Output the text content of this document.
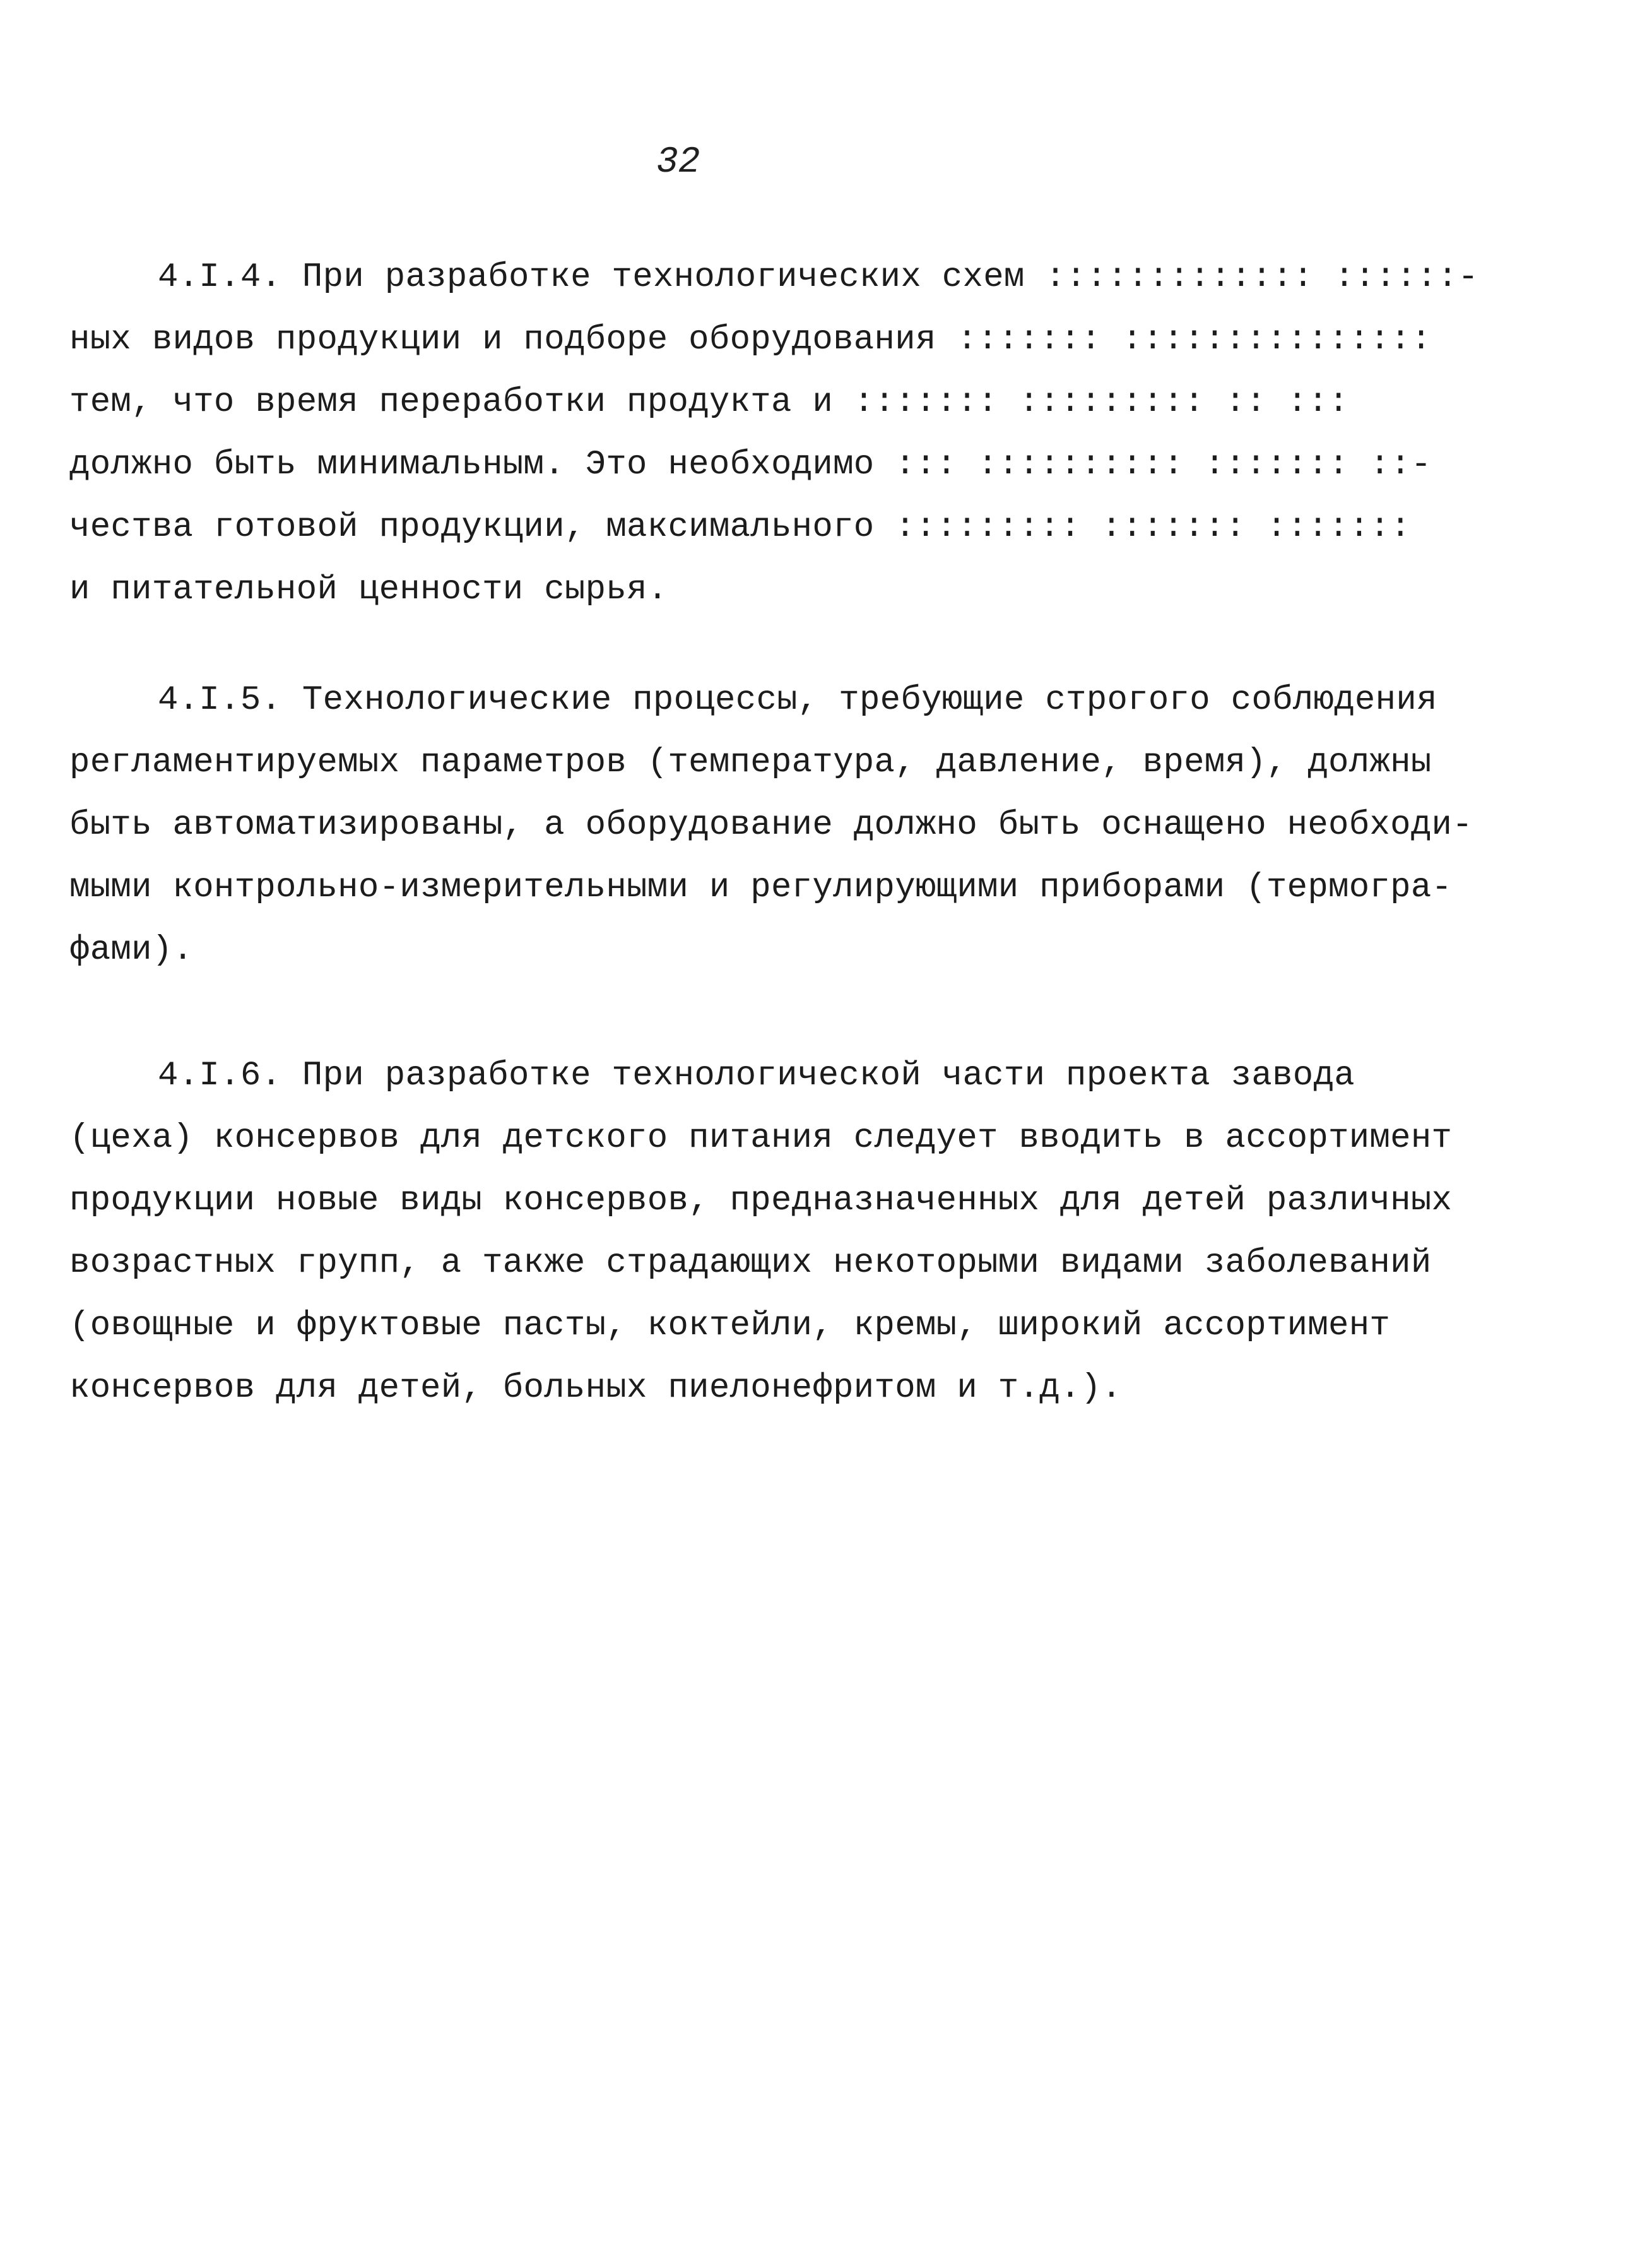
32
4.I.4. При разработке технологических схем ::::::::::::: ::::::-
ных видов продукции и подборе оборудования ::::::: :::::::::::::::
тем, что время переработки продукта и ::::::: ::::::::: :: :::
должно быть минимальным. Это необходимо ::: :::::::::: ::::::: ::-
чества готовой продукции, максимального ::::::::: ::::::: :::::::
и питательной ценности сырья.
4.I.5. Технологические процессы, требующие строгого соблюдения
регламентируемых параметров (температура, давление, время), должны
быть автоматизированы, а оборудование должно быть оснащено необходи-
мыми контрольно-измерительными и регулирующими приборами (термогра-
фами).
4.I.6. При разработке технологической части проекта завода
(цеха) консервов для детского питания следует вводить в ассортимент
продукции новые виды консервов, предназначенных для детей различных
возрастных групп, а также страдающих некоторыми видами заболеваний
(овощные и фруктовые пасты, коктейли, кремы, широкий ассортимент
консервов для детей, больных пиелонефритом и т.д.).
